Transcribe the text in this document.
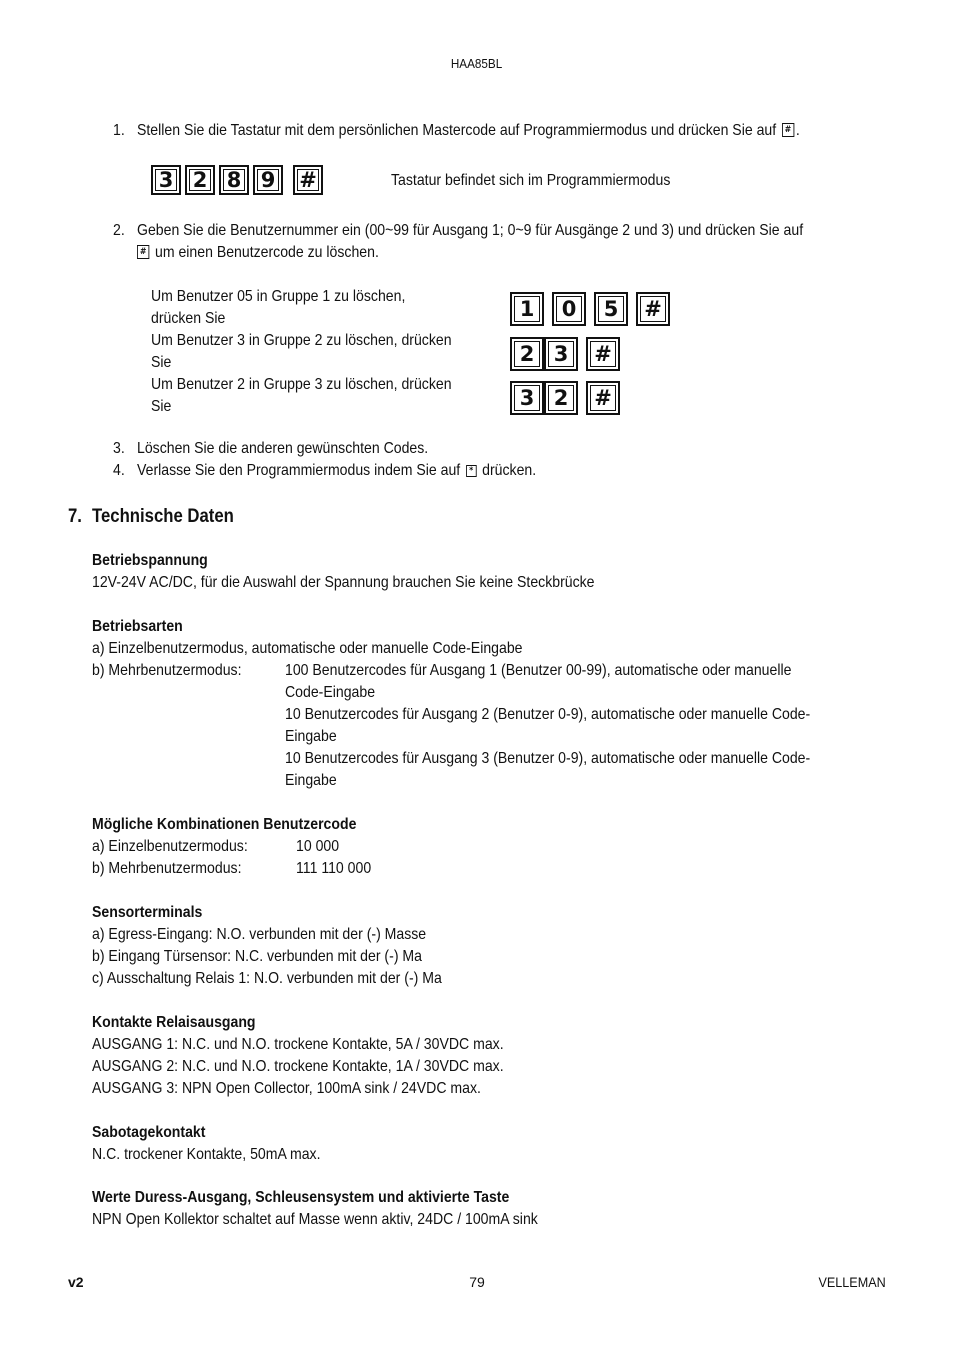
HAA85BL
1. Stellen Sie die Tastatur mit dem persönlichen Mastercode auf Programmiermodus und drücken Sie auf # .
3 2 8 9 #	Tastatur befindet sich im Programmiermodus
2. Geben Sie die Benutzernummer ein (00~99 für Ausgang 1; 0~9 für Ausgänge 2 und 3) und drücken Sie auf
# um einen Benutzercode zu löschen.
Um Benutzer 05 in Gruppe 1 zu löschen,
drücken Sie	1	0	5	#
Um Benutzer 3 in Gruppe 2 zu löschen, drücken
Sie	2 3	#
Um Benutzer 2 in Gruppe 3 zu löschen, drücken
Sie	3 2	#
3. Löschen Sie die anderen gewünschten Codes.
4. Verlasse Sie den Programmiermodus indem Sie auf * drücken.
7. Technische Daten
Betriebspannung
12V-24V AC/DC, für die Auswahl der Spannung brauchen Sie keine Steckbrücke
Betriebsarten
a) Einzelbenutzermodus, automatische oder manuelle Code-Eingabe
b) Mehrbenutzermodus:	100 Benutzercodes für Ausgang 1 (Benutzer 00-99), automatische oder manuelle
Code-Eingabe
10 Benutzercodes für Ausgang 2 (Benutzer 0-9), automatische oder manuelle Code-
Eingabe
10 Benutzercodes für Ausgang 3 (Benutzer 0-9), automatische oder manuelle Code-
Eingabe
Mögliche Kombinationen Benutzercode
a) Einzelbenutzermodus:	10 000
b) Mehrbenutzermodus:	111 110 000
Sensorterminals
a) Egress-Eingang: N.O. verbunden mit der (-) Masse
b) Eingang Türsensor: N.C. verbunden mit der (-) Ma
c) Ausschaltung Relais 1: N.O. verbunden mit der (-) Ma
Kontakte Relaisausgang
AUSGANG 1: N.C. und N.O. trockene Kontakte, 5A / 30VDC max.
AUSGANG 2: N.C. und N.O. trockene Kontakte, 1A / 30VDC max.
AUSGANG 3: NPN Open Collector, 100mA sink / 24VDC max.
Sabotagekontakt
N.C. trockener Kontakte, 50mA max.
Werte Duress-Ausgang, Schleusensystem und aktivierte Taste
NPN Open Kollektor schaltet auf Masse wenn aktiv, 24DC / 100mA sink
v2	79	VELLEMAN
